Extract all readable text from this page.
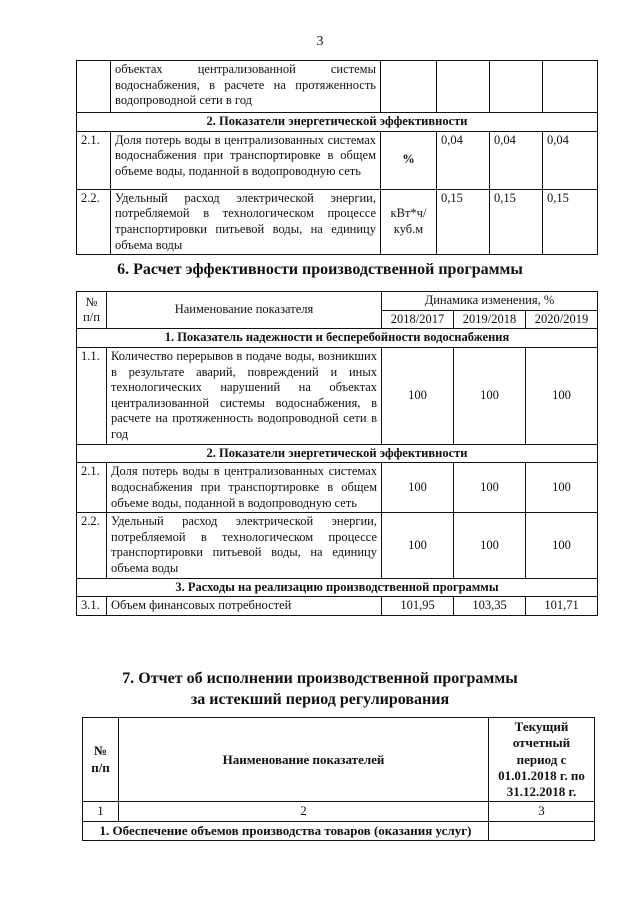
3
	объектах централизованной системы водоснабжения, в расчете на протяженность водопроводной сети в год				
2. Показатели энергетической эффективности					
2.1.	Доля потерь воды в централизованных системах водоснабжения при транспортировке в общем объеме воды, поданной в водопроводную сеть	%	0,04	0,04	0,04
2.2.	Удельный расход электрической энергии, потребляемой в технологическом процессе транспортировки питьевой воды, на единицу объема воды	кВт*ч/ куб.м	0,15	0,15	0,15
6. Расчет эффективности производственной программы
№ п/п	Наименование показателя	Динамика изменения, %		
		2018/2017	2019/2018	2020/2019
1. Показатель надежности и бесперебойности водоснабжения				
1.1.	Количество перерывов в подаче воды, возникших в результате аварий, повреждений и иных технологических нарушений на объектах централизованной системы водоснабжения, в расчете на протяженность водопроводной сети в год	100	100	100
2. Показатели энергетической эффективности				
2.1.	Доля потерь воды в централизованных системах водоснабжения при транспортировке в общем объеме воды, поданной в водопроводную сеть	100	100	100
2.2.	Удельный расход электрической энергии, потребляемой в технологическом процессе транспортировки питьевой воды, на единицу объема воды	100	100	100
3. Расходы на реализацию производственной программы				
3.1.	Объем финансовых потребностей	101,95	103,35	101,71
7. Отчет об исполнении производственной программы
за истекший период регулирования
№ п/п	Наименование показателей	Текущий отчетный период с 01.01.2018 г. по 31.12.2018 г.
1	2	3
1. Обеспечение объемов производства товаров (оказания услуг)		
